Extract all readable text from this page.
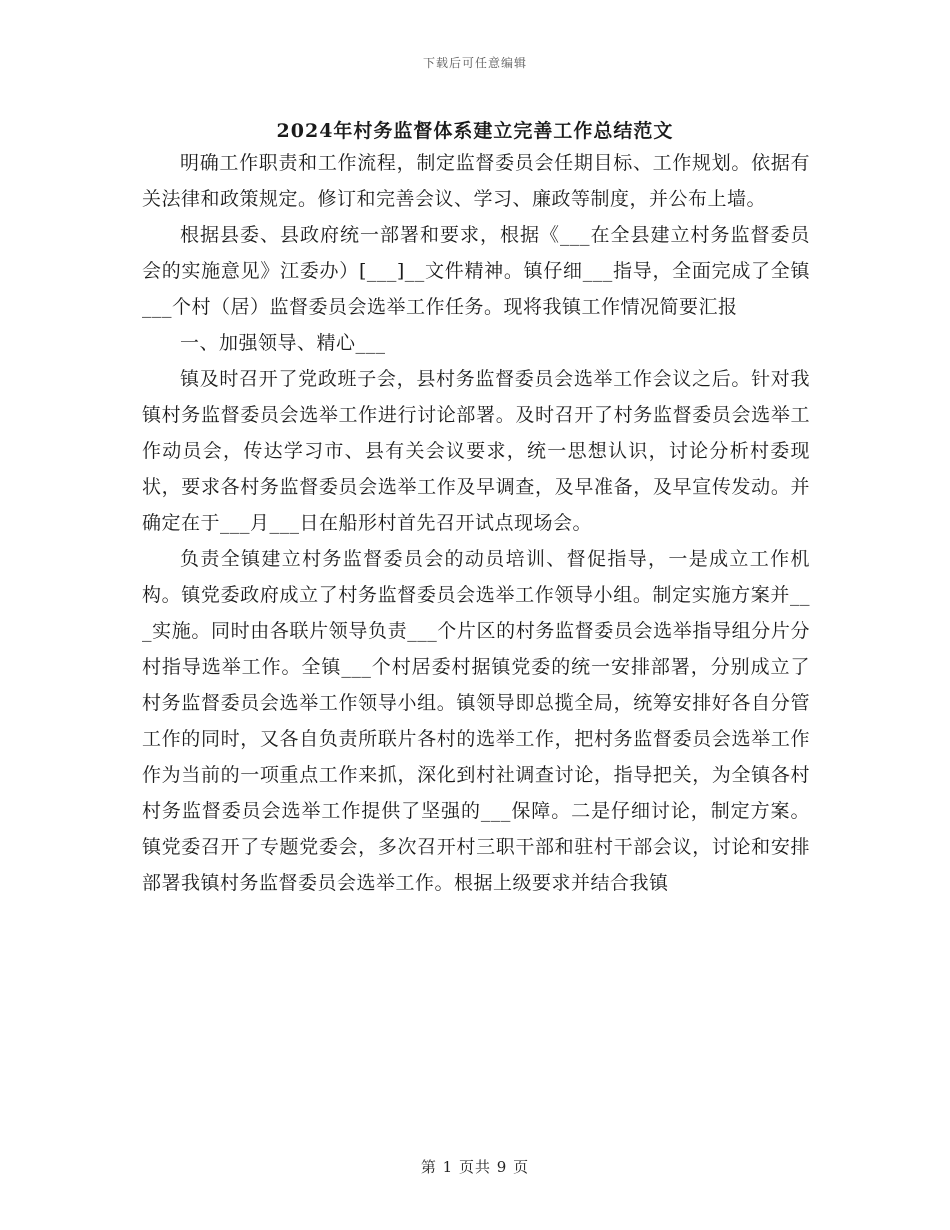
下载后可任意编辑
2024年村务监督体系建立完善工作总结范文

明确工作职责和工作流程，制定监督委员会任期目标、工作规划。依据有关法律和政策规定。修订和完善会议、学习、廉政等制度，并公布上墙。

根据县委、县政府统一部署和要求，根据《___在全县建立村务监督委员会的实施意见》江委办）[___]__文件精神。镇仔细___指导，全面完成了全镇___个村（居）监督委员会选举工作任务。现将我镇工作情况简要汇报

一、加强领导、精心___

镇及时召开了党政班子会，县村务监督委员会选举工作会议之后。针对我镇村务监督委员会选举工作进行讨论部署。及时召开了村务监督委员会选举工作动员会，传达学习市、县有关会议要求，统一思想认识，讨论分析村委现状，要求各村务监督委员会选举工作及早调查，及早准备，及早宣传发动。并确定在于___月___日在船形村首先召开试点现场会。

负责全镇建立村务监督委员会的动员培训、督促指导，一是成立工作机构。镇党委政府成立了村务监督委员会选举工作领导小组。制定实施方案并___实施。同时由各联片领导负责___个片区的村务监督委员会选举指导组分片分村指导选举工作。全镇___个村居委村据镇党委的统一安排部署，分别成立了村务监督委员会选举工作领导小组。镇领导即总揽全局，统筹安排好各自分管工作的同时，又各自负责所联片各村的选举工作，把村务监督委员会选举工作作为当前的一项重点工作来抓，深化到村社调查讨论，指导把关，为全镇各村村务监督委员会选举工作提供了坚强的___保障。二是仔细讨论，制定方案。镇党委召开了专题党委会，多次召开村三职干部和驻村干部会议，讨论和安排部署我镇村务监督委员会选举工作。根据上级要求并结合我镇

第 1 页共 9 页
